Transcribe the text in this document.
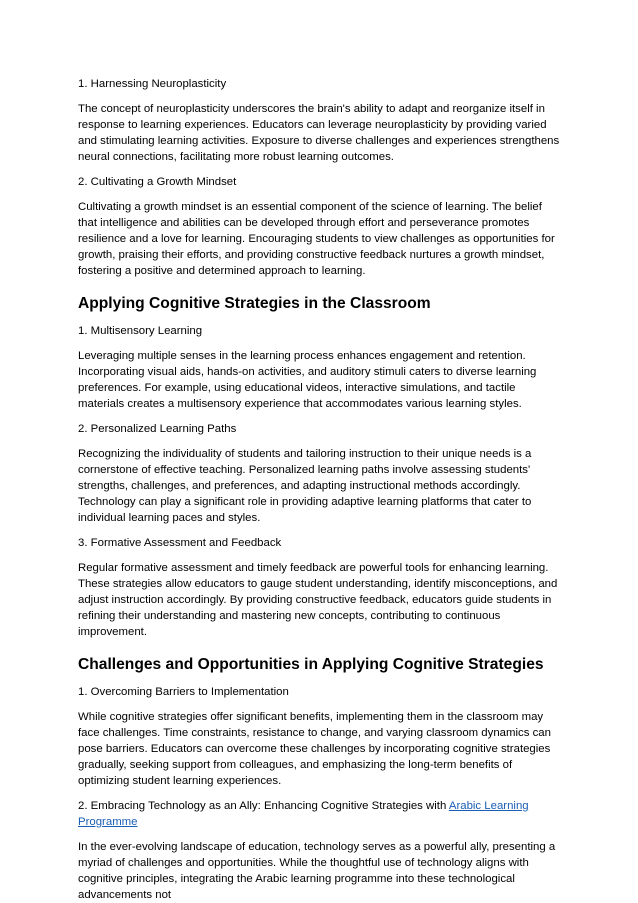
1. Harnessing Neuroplasticity

The concept of neuroplasticity underscores the brain's ability to adapt and reorganize itself in response to learning experiences. Educators can leverage neuroplasticity by providing varied and stimulating learning activities. Exposure to diverse challenges and experiences strengthens neural connections, facilitating more robust learning outcomes.

2. Cultivating a Growth Mindset

Cultivating a growth mindset is an essential component of the science of learning. The belief that intelligence and abilities can be developed through effort and perseverance promotes resilience and a love for learning. Encouraging students to view challenges as opportunities for growth, praising their efforts, and providing constructive feedback nurtures a growth mindset, fostering a positive and determined approach to learning.

Applying Cognitive Strategies in the Classroom

1. Multisensory Learning

Leveraging multiple senses in the learning process enhances engagement and retention. Incorporating visual aids, hands-on activities, and auditory stimuli caters to diverse learning preferences. For example, using educational videos, interactive simulations, and tactile materials creates a multisensory experience that accommodates various learning styles.

2. Personalized Learning Paths

Recognizing the individuality of students and tailoring instruction to their unique needs is a cornerstone of effective teaching. Personalized learning paths involve assessing students' strengths, challenges, and preferences, and adapting instructional methods accordingly. Technology can play a significant role in providing adaptive learning platforms that cater to individual learning paces and styles.

3. Formative Assessment and Feedback

Regular formative assessment and timely feedback are powerful tools for enhancing learning. These strategies allow educators to gauge student understanding, identify misconceptions, and adjust instruction accordingly. By providing constructive feedback, educators guide students in refining their understanding and mastering new concepts, contributing to continuous improvement.

Challenges and Opportunities in Applying Cognitive Strategies

1. Overcoming Barriers to Implementation

While cognitive strategies offer significant benefits, implementing them in the classroom may face challenges. Time constraints, resistance to change, and varying classroom dynamics can pose barriers. Educators can overcome these challenges by incorporating cognitive strategies gradually, seeking support from colleagues, and emphasizing the long-term benefits of optimizing student learning experiences.

2. Embracing Technology as an Ally: Enhancing Cognitive Strategies with Arabic Learning Programme

In the ever-evolving landscape of education, technology serves as a powerful ally, presenting a myriad of challenges and opportunities. While the thoughtful use of technology aligns with cognitive principles, integrating the Arabic learning programme into these technological advancements not
